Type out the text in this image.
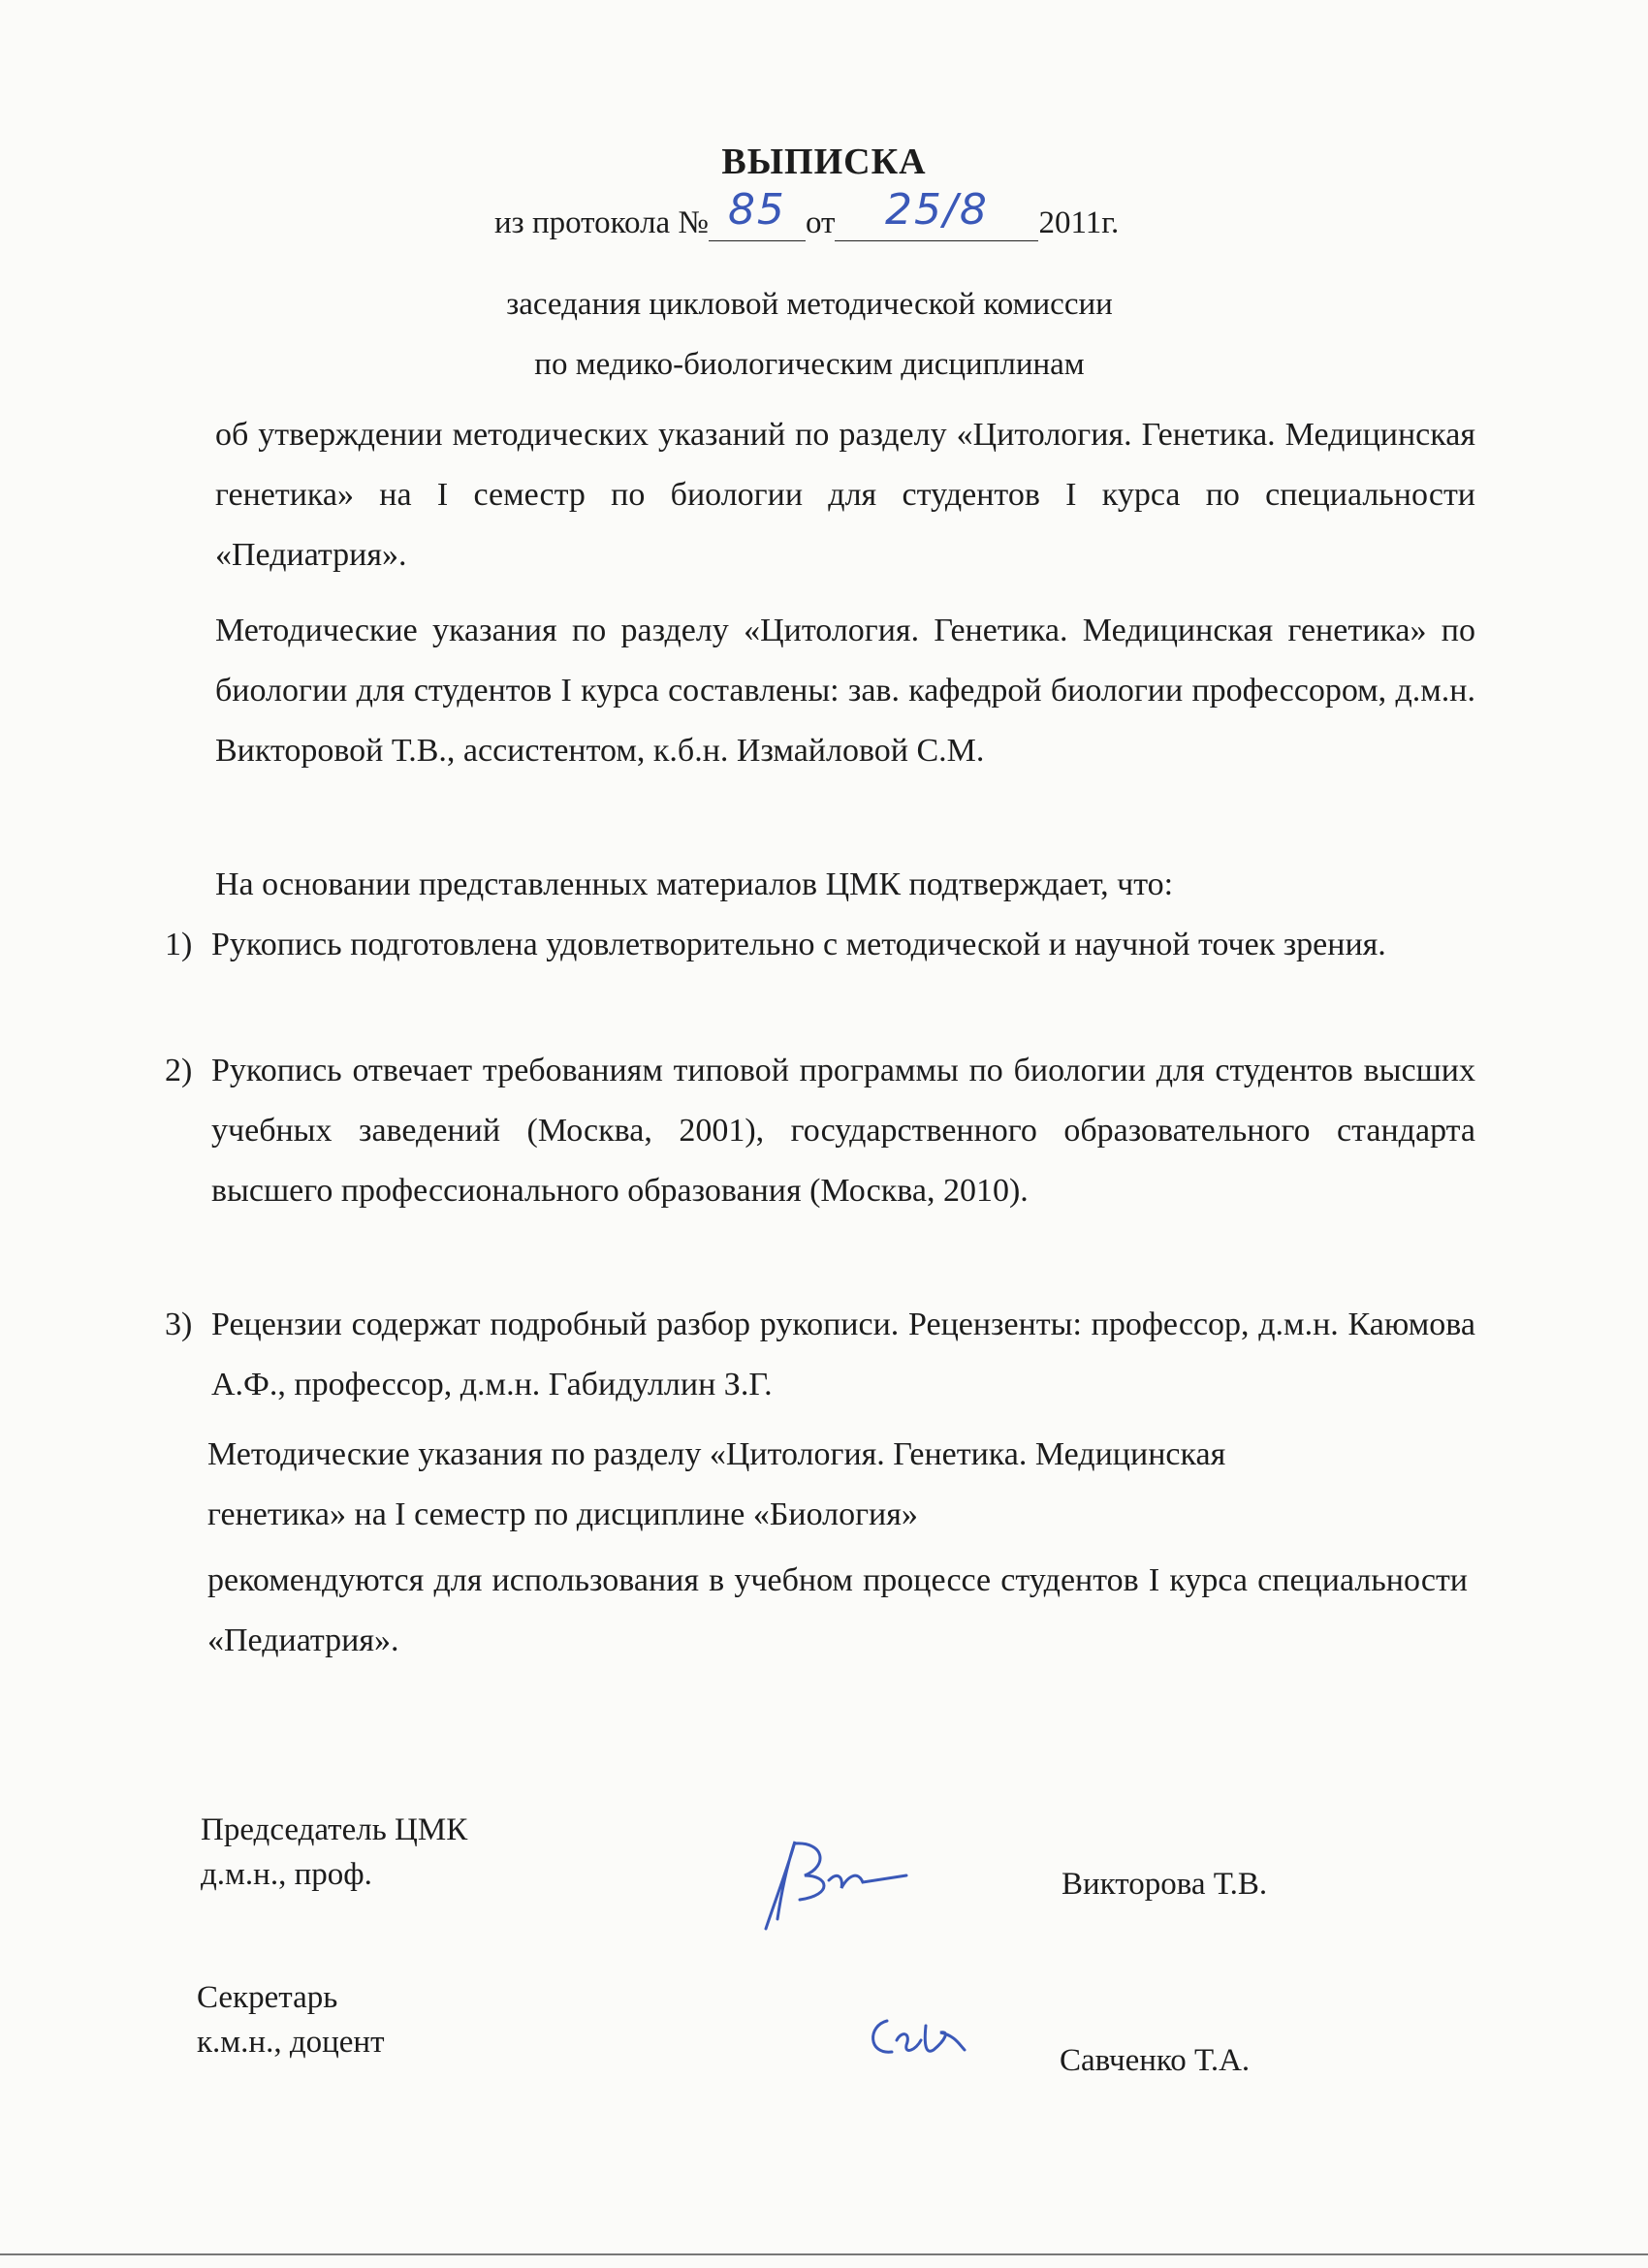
ВЫПИСКА
из протокола № 85 от	25/8	2011г.
заседания цикловой методической комиссии
по медико-биологическим дисциплинам
об утверждении методических указаний по разделу «Цитология. Генетика. Медицинская генетика» на I семестр по биологии для студентов I курса по специальности «Педиатрия».
Методические указания по разделу «Цитология. Генетика. Медицинская генетика» по биологии для студентов I курса составлены: зав. кафедрой биологии профессором, д.м.н. Викторовой Т.В., ассистентом, к.б.н. Измайловой С.М.
На основании представленных материалов ЦМК подтверждает, что:
1) Рукопись подготовлена удовлетворительно с методической и научной точек зрения.
2) Рукопись отвечает требованиям типовой программы по биологии для студентов высших учебных заведений (Москва, 2001), государственного образовательного стандарта высшего профессионального образования (Москва, 2010).
3) Рецензии содержат подробный разбор рукописи. Рецензенты: профессор, д.м.н. Каюмова А.Ф., профессор, д.м.н. Габидуллин З.Г.
Методические указания по разделу «Цитология. Генетика. Медицинская генетика» на I семестр по дисциплине «Биология»
рекомендуются для использования в учебном процессе студентов I курса специальности «Педиатрия».
Председатель ЦМК
д.м.н., проф.	Викторова Т.В.
Секретарь
к.м.н., доцент
Савченко Т.А.
